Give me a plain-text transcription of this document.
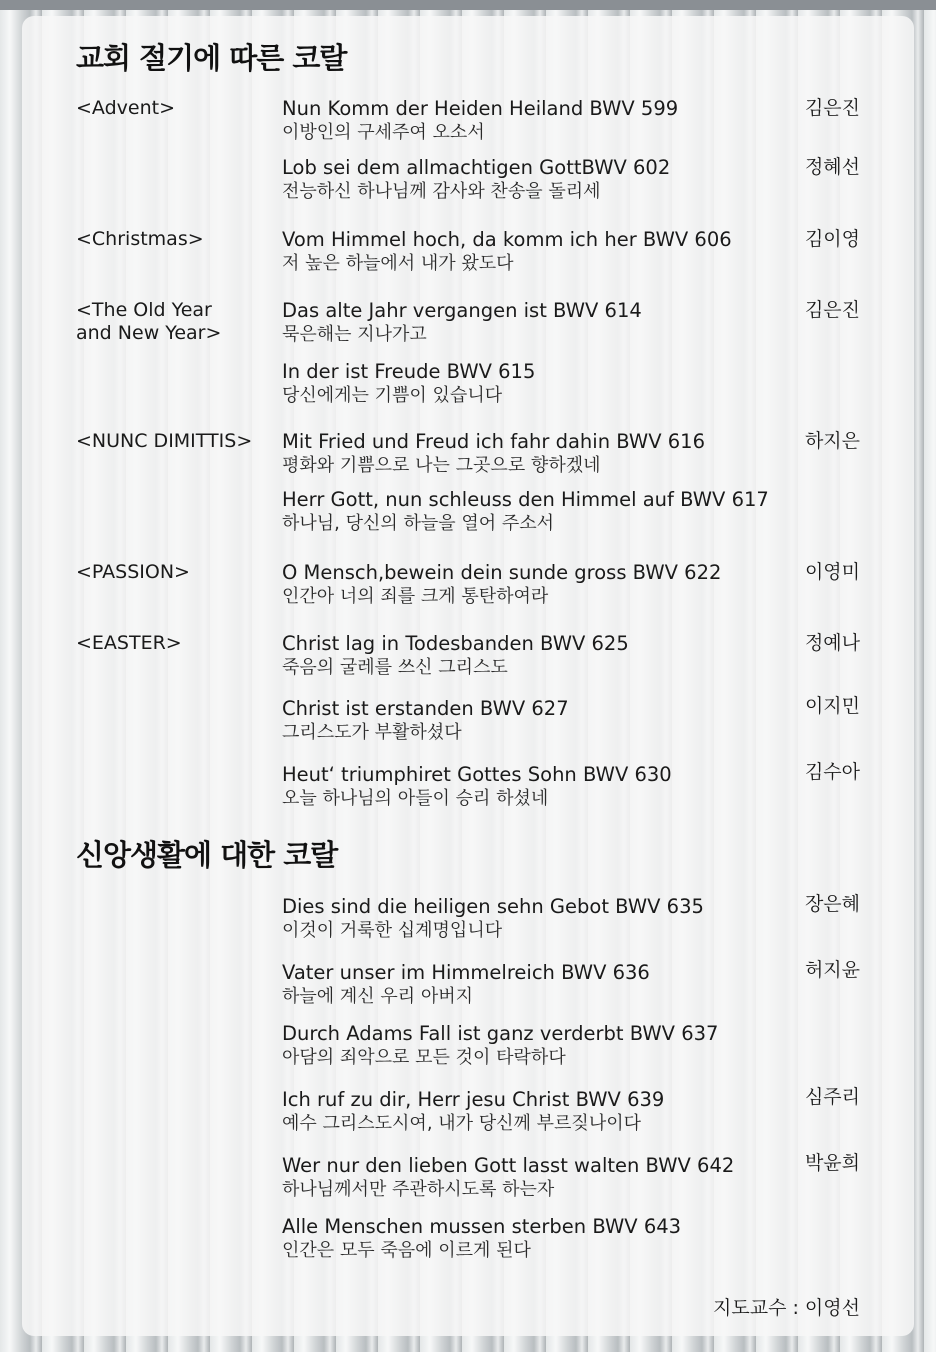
교회 절기에 따른 코랄
<Advent>
<Christmas>
<The Old Year
and New Year>
<NUNC DIMITTIS>
<PASSION>
<EASTER>
Nun Komm der Heiden Heiland BWV 599
이방인의 구세주여 오소서
김은진
Lob sei dem allmachtigen GottBWV 602
전능하신 하나님께 감사와 찬송을 돌리세
정혜선
Vom Himmel hoch, da komm ich her BWV 606
저 높은 하늘에서 내가 왔도다
김이영
Das alte Jahr vergangen ist BWV 614
묵은해는 지나가고
김은진
In der ist Freude BWV 615
당신에게는 기쁨이 있습니다
Mit Fried und Freud ich fahr dahin BWV 616
평화와 기쁨으로 나는 그곳으로 향하겠네
하지은
Herr Gott, nun schleuss den Himmel auf BWV 617
하나님, 당신의 하늘을 열어 주소서
O Mensch,bewein dein sunde gross BWV 622
인간아 너의 죄를 크게 통탄하여라
이영미
Christ lag in Todesbanden BWV 625
죽음의 굴레를 쓰신 그리스도
정예나
Christ ist erstanden BWV 627
그리스도가 부활하셨다
이지민
Heut‘ triumphiret Gottes Sohn BWV 630
오늘 하나님의 아들이 승리 하셨네
김수아
신앙생활에 대한 코랄
Dies sind die heiligen sehn Gebot BWV 635
이것이 거룩한 십계명입니다
장은혜
Vater unser im Himmelreich BWV 636
하늘에 계신 우리 아버지
허지윤
Durch Adams Fall ist ganz verderbt BWV 637
아담의 죄악으로 모든 것이 타락하다
Ich ruf zu dir, Herr jesu Christ BWV 639
예수 그리스도시여, 내가 당신께 부르짖나이다
심주리
Wer nur den lieben Gott lasst walten BWV 642
하나님께서만 주관하시도록 하는자
박윤희
Alle Menschen mussen sterben BWV 643
인간은 모두 죽음에 이르게 된다
지도교수 : 이영선
